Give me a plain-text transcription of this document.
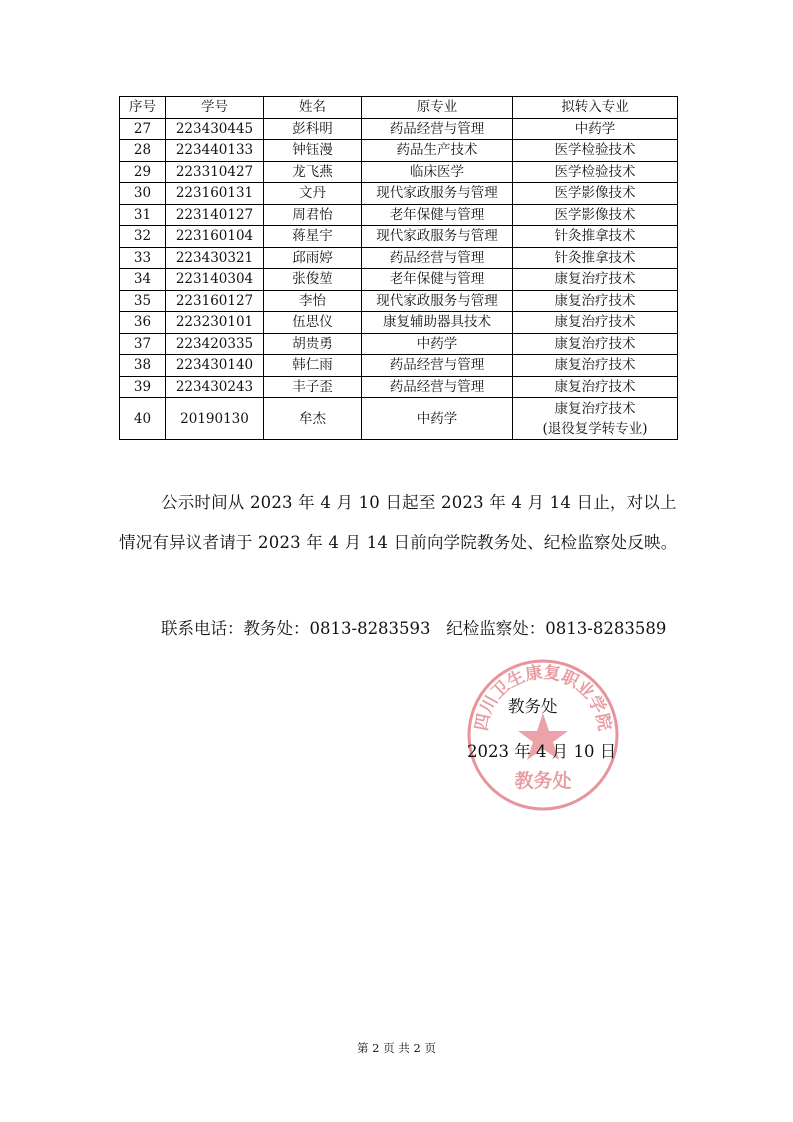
序号	学号	姓名	原专业	拟转入专业
27	223430445	彭科明	药品经营与管理	中药学
28	223440133	钟钰漫	药品生产技术	医学检验技术
29	223310427	龙飞燕	临床医学	医学检验技术
30	223160131	文丹	现代家政服务与管理	医学影像技术
31	223140127	周君怡	老年保健与管理	医学影像技术
32	223160104	蒋星宇	现代家政服务与管理	针灸推拿技术
33	223430321	邱雨婷	药品经营与管理	针灸推拿技术
34	223140304	张俊堃	老年保健与管理	康复治疗技术
35	223160127	李怡	现代家政服务与管理	康复治疗技术
36	223230101	伍思仪	康复辅助器具技术	康复治疗技术
37	223420335	胡贵勇	中药学	康复治疗技术
38	223430140	韩仁雨	药品经营与管理	康复治疗技术
39	223430243	丰子歪	药品经营与管理	康复治疗技术
40	20190130	牟杰	中药学	康复治疗技术
(退役复学转专业)
公示时间从 2023 年 4 月 10 日起至 2023 年 4 月 14 日止，对以上情况有异议者请于 2023 年 4 月 14 日前向学院教务处、纪检监察处反映。
联系电话：教务处：0813-8283593   纪检监察处：0813-8283589
四川卫生康复职业学院
教务处
教务处
2023 年 4 月 10 日
第 2 页 共 2 页
